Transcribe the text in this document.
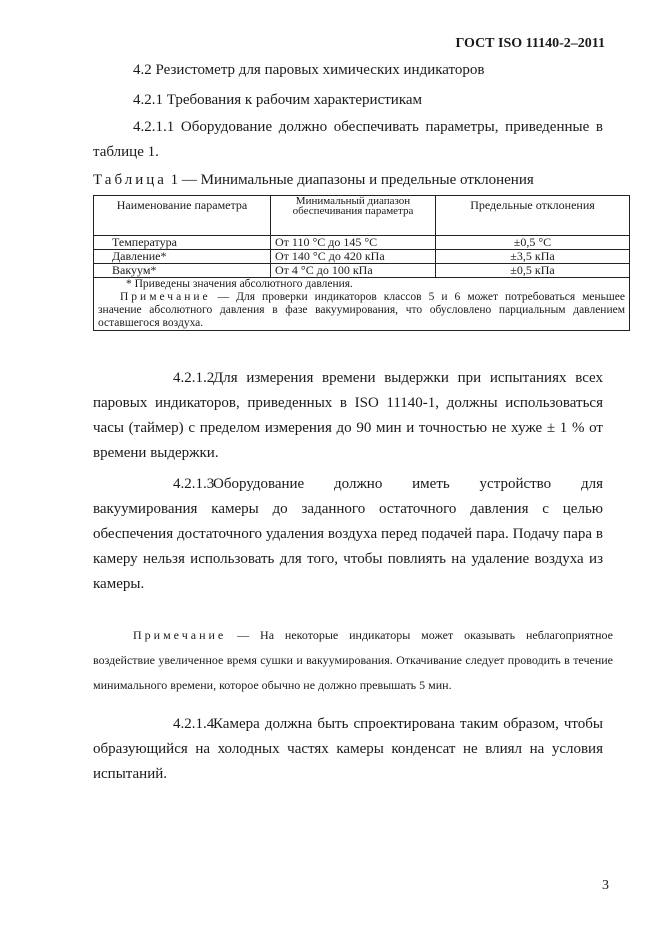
ГОСТ ISO 11140-2–2011
4.2 Резистометр для паровых химических индикаторов
4.2.1 Требования к рабочим характеристикам

4.2.1.1 Оборудование должно обеспечивать параметры, приведенные в таблице 1.

Таблица 1 — Минимальные диапазоны и предельные отклонения
Наименование параметра	Минимальный диапазон обеспечивания параметра	Предельные отклонения
Температура	От 110 °С до 145 °С	±0,5 °С
Давление*	От 140 °С до 420 кПа	±3,5 кПа
Вакуум*	От 4 °С до 100 кПа	±0,5 кПа

* Приведены значения абсолютного давления.
Примечание — Для проверки индикаторов классов 5 и 6 может потребоваться меньшее значение абсолютного давления в фазе вакуумирования, что обусловлено парциальным давлением оставшегося воздуха.		

4.2.1.2Для измерения времени выдержки при испытаниях всех паровых индикаторов, приведенных в ISO 11140-1, должны использоваться часы (таймер) с пределом измерения до 90 мин и точностью не хуже ± 1 % от времени выдержки.

4.2.1.3Оборудование должно иметь устройство для вакуумирования камеры до заданного остаточного давления с целью обеспечения достаточного удаления воздуха перед подачей пара. Подачу пара в камеру нельзя использовать для того, чтобы повлиять на удаление воздуха из камеры.

Примечание — На некоторые индикаторы может оказывать неблагоприятное воздействие увеличенное время сушки и вакуумирования. Откачивание следует проводить в течение минимального времени, которое обычно не должно превышать 5 мин.

4.2.1.4Камера должна быть спроектирована таким образом, чтобы образующийся на холодных частях камеры конденсат не влиял на условия испытаний.

3
